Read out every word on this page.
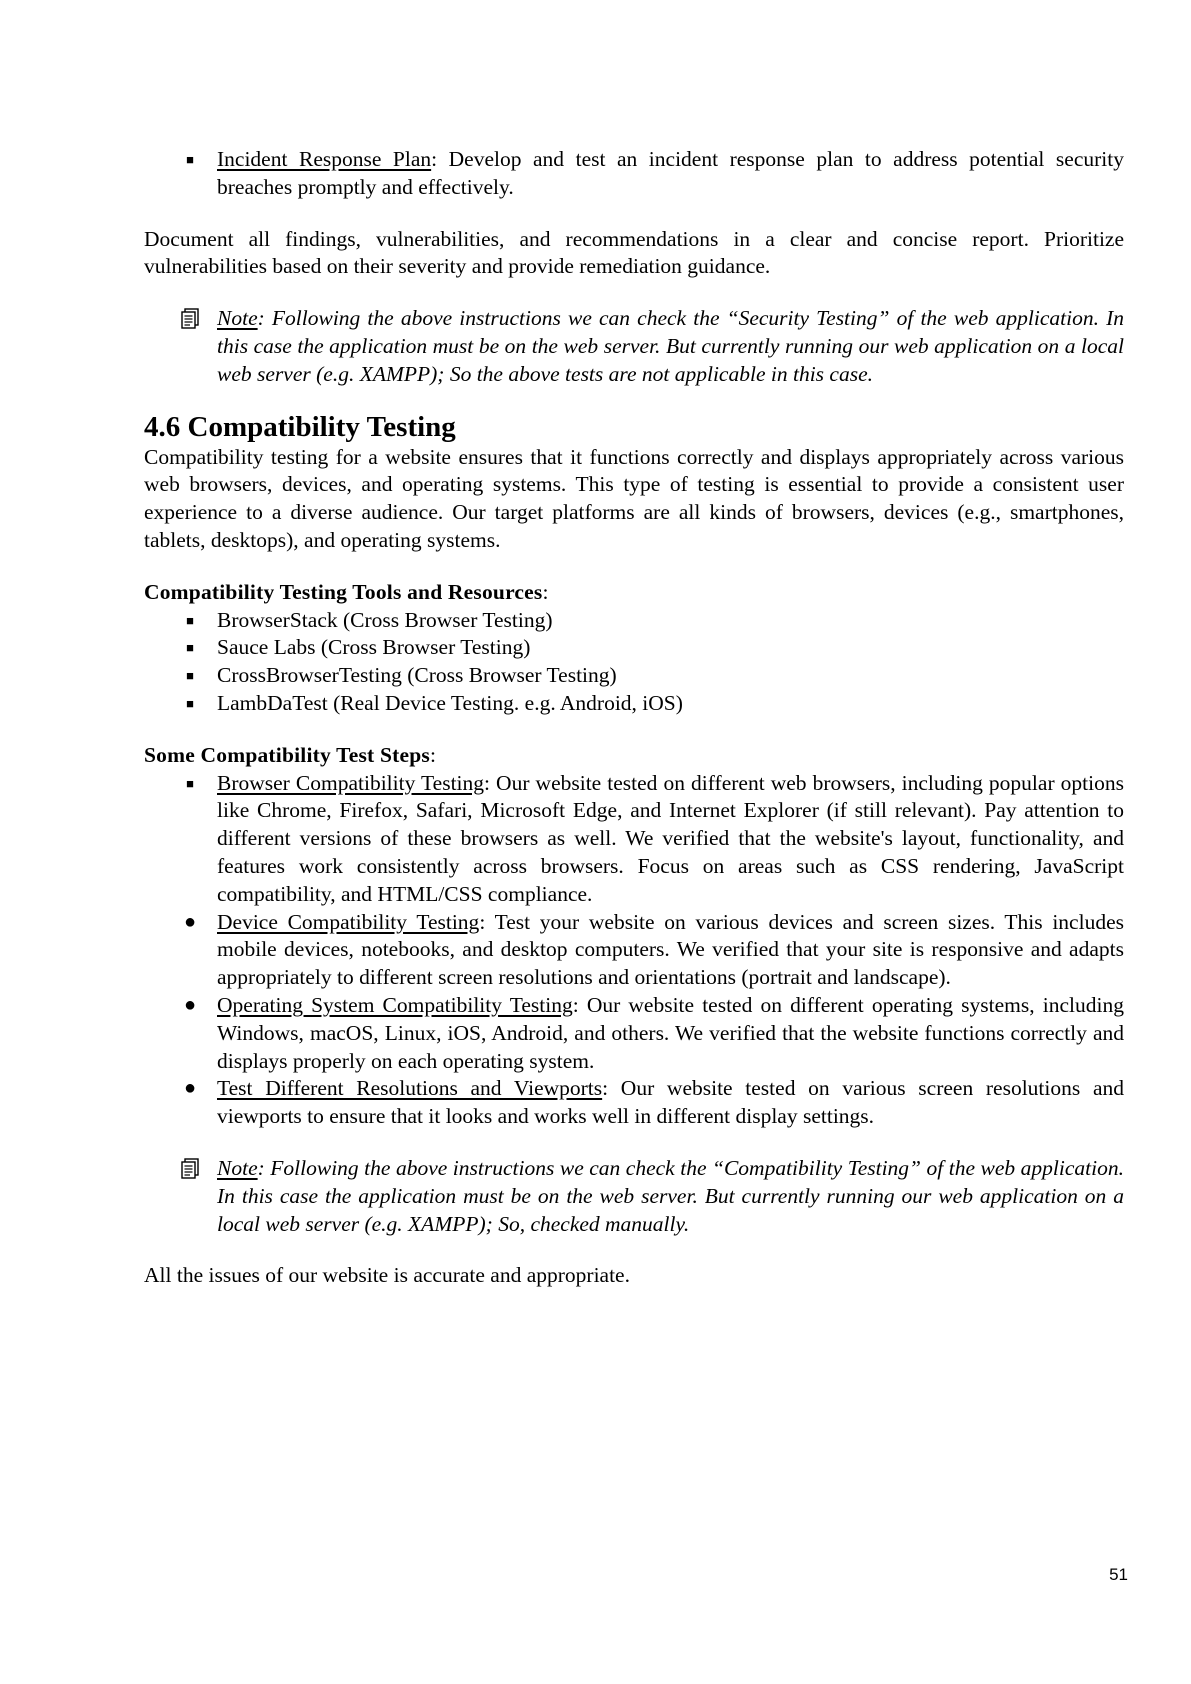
■ Incident Response Plan: Develop and test an incident response plan to address potential security breaches promptly and effectively.

Document all findings, vulnerabilities, and recommendations in a clear and concise report. Prioritize vulnerabilities based on their severity and provide remediation guidance.

Note: Following the above instructions we can check the “Security Testing” of the web application. In this case the application must be on the web server. But currently running our web application on a local web server (e.g. XAMPP); So the above tests are not applicable in this case.
4.6 Compatibility Testing

Compatibility testing for a website ensures that it functions correctly and displays appropriately across various web browsers, devices, and operating systems. This type of testing is essential to provide a consistent user experience to a diverse audience. Our target platforms are all kinds of browsers, devices (e.g., smartphones, tablets, desktops), and operating systems.

Compatibility Testing Tools and Resources:

■ BrowserStack (Cross Browser Testing)
■ Sauce Labs (Cross Browser Testing)
■ CrossBrowserTesting (Cross Browser Testing)
■ LambDaTest (Real Device Testing. e.g. Android, iOS)

Some Compatibility Test Steps:

■ Browser Compatibility Testing: Our website tested on different web browsers, including popular options like Chrome, Firefox, Safari, Microsoft Edge, and Internet Explorer (if still relevant). Pay attention to different versions of these browsers as well. We verified that the website's layout, functionality, and features work consistently across browsers. Focus on areas such as CSS rendering, JavaScript compatibility, and HTML/CSS compliance.
● Device Compatibility Testing: Test your website on various devices and screen sizes. This includes mobile devices, notebooks, and desktop computers. We verified that your site is responsive and adapts appropriately to different screen resolutions and orientations (portrait and landscape).
● Operating System Compatibility Testing: Our website tested on different operating systems, including Windows, macOS, Linux, iOS, Android, and others. We verified that the website functions correctly and displays properly on each operating system.
● Test Different Resolutions and Viewports: Our website tested on various screen resolutions and viewports to ensure that it looks and works well in different display settings.
Note: Following the above instructions we can check the “Compatibility Testing” of the web application. In this case the application must be on the web server. But currently running our web application on a local web server (e.g. XAMPP); So, checked manually.

All the issues of our website is accurate and appropriate.

51
